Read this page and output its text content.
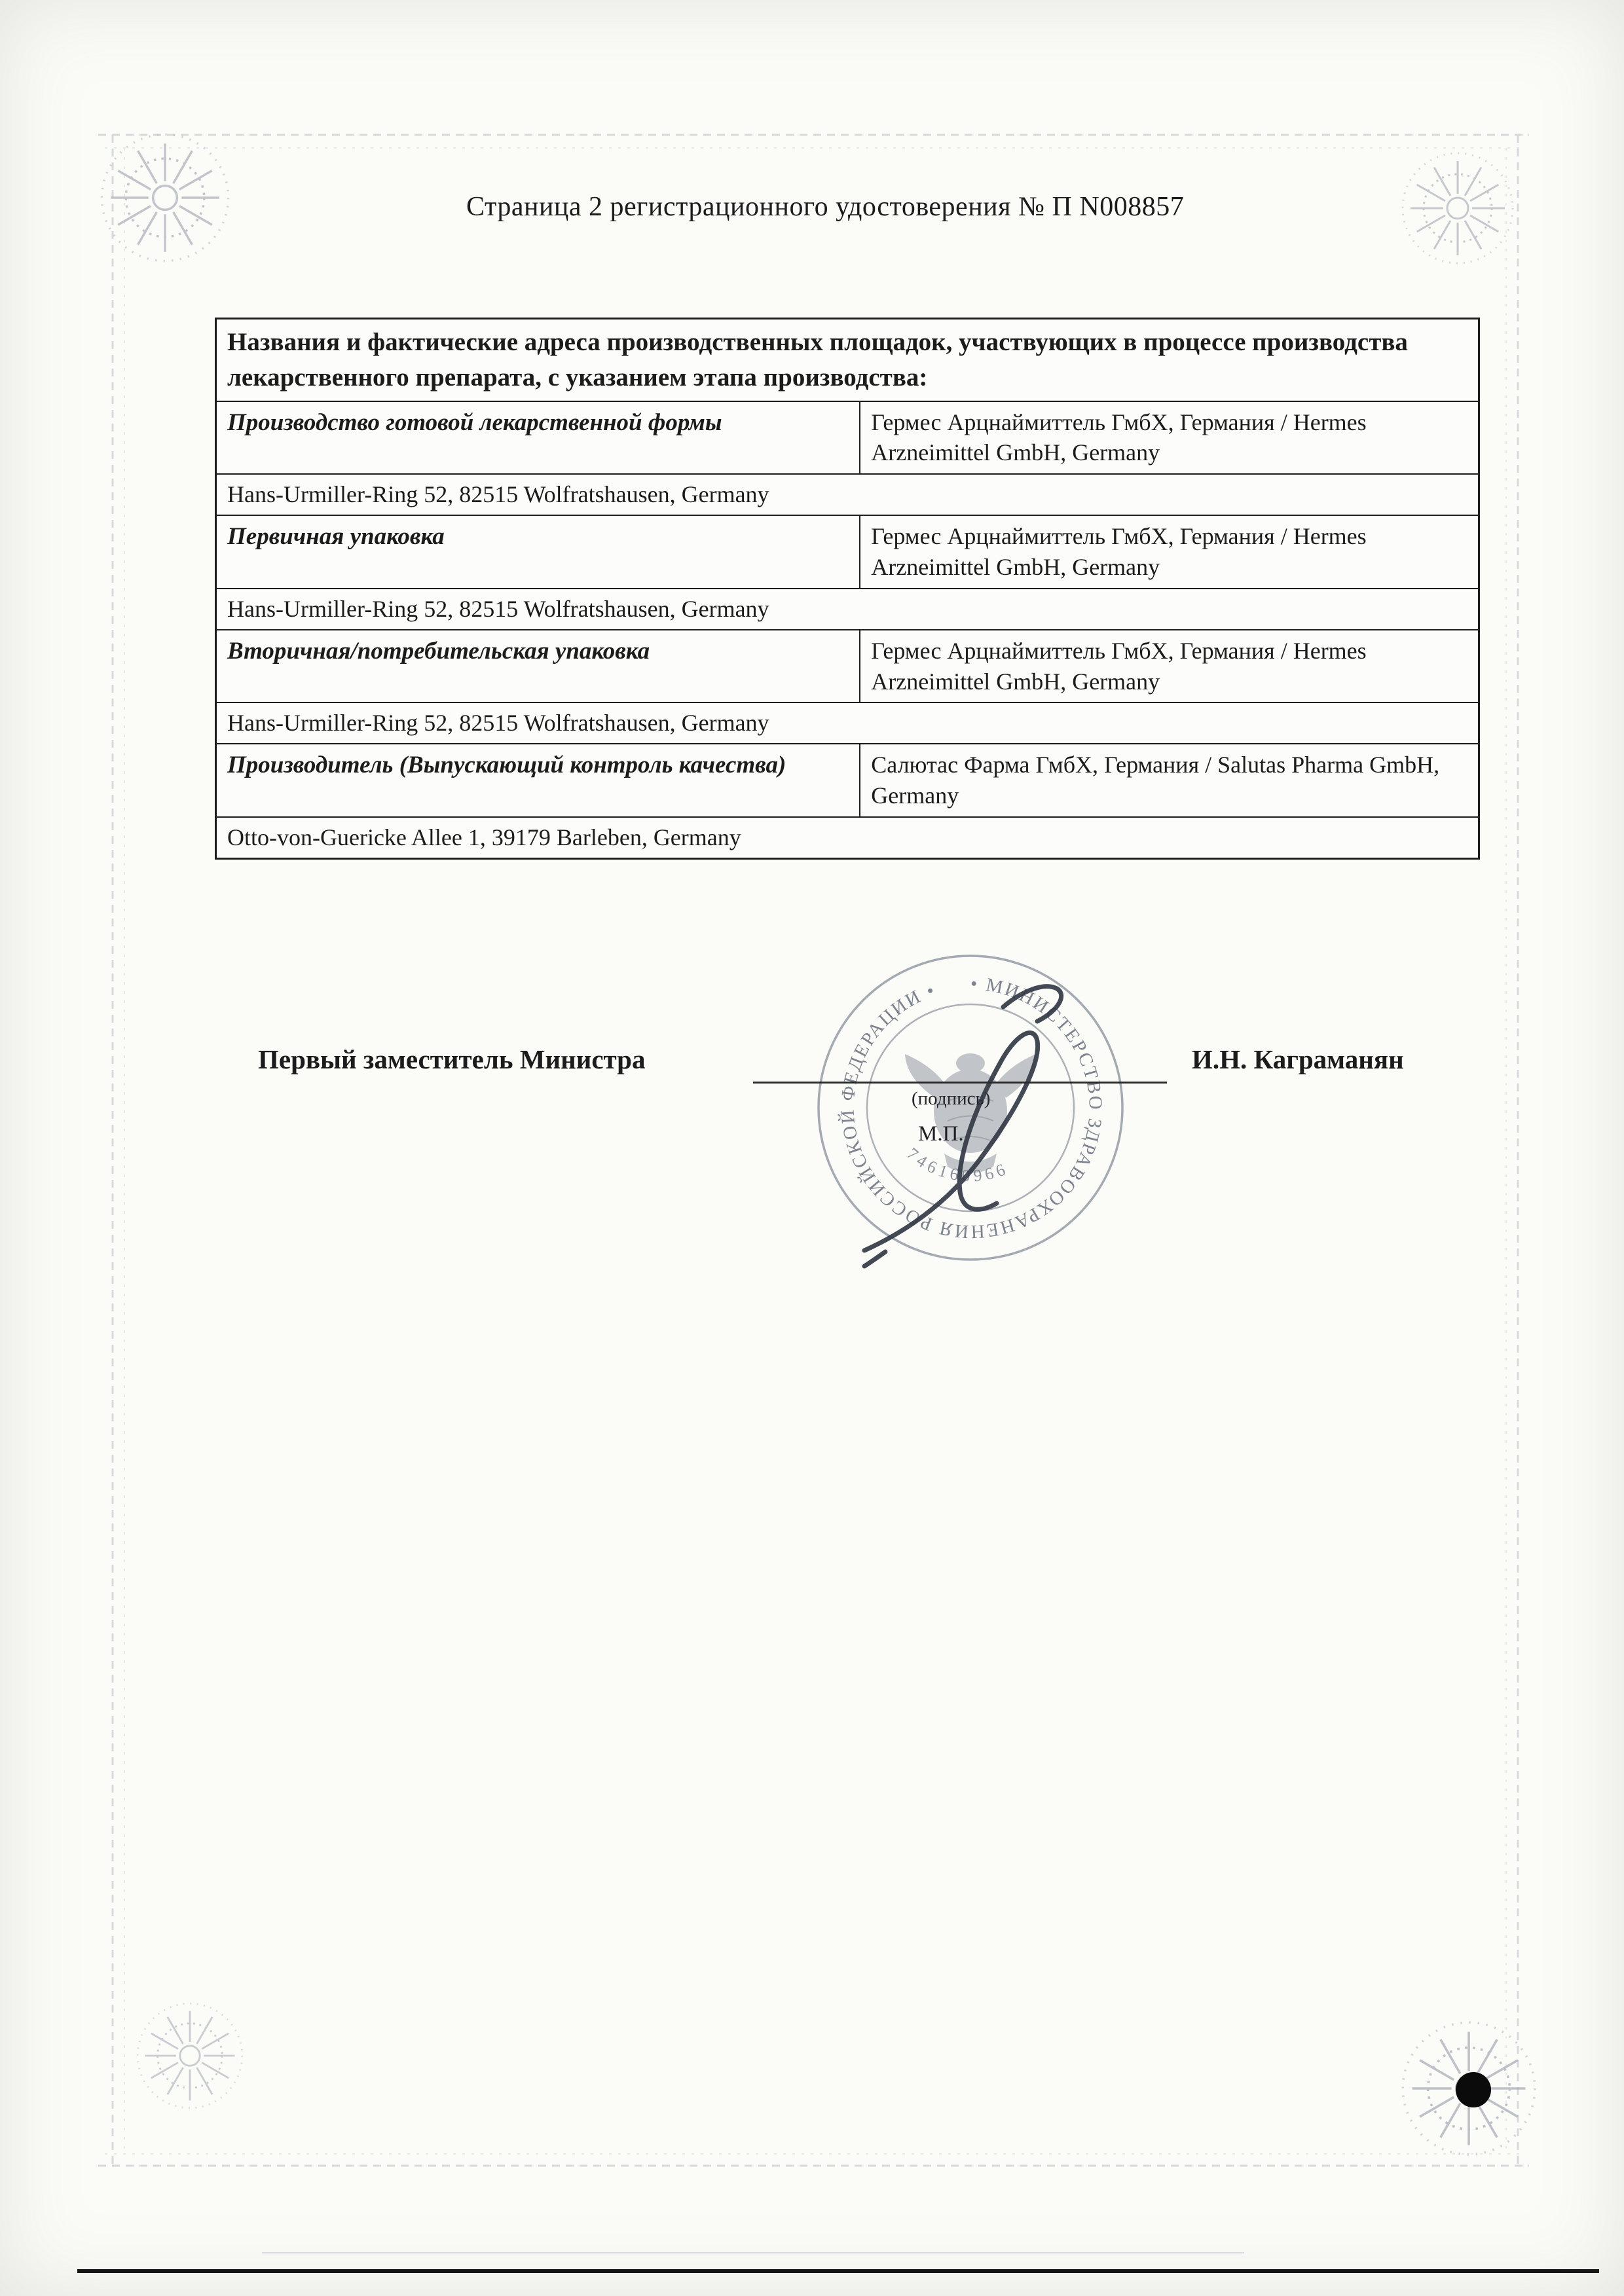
Страница 2 регистрационного удостоверения № П N008857
Названия и фактические адреса производственных площадок, участвующих в процессе производства лекарственного препарата, с указанием этапа производства:	
Производство готовой лекарственной формы	Гермес Арцнаймиттель ГмбХ, Германия / Hermes Arzneimittel GmbH, Germany
Hans-Urmiller-Ring 52, 82515 Wolfratshausen, Germany	
Первичная упаковка	Гермес Арцнаймиттель ГмбХ, Германия / Hermes Arzneimittel GmbH, Germany
Hans-Urmiller-Ring 52, 82515 Wolfratshausen, Germany	
Вторичная/потребительская упаковка	Гермес Арцнаймиттель ГмбХ, Германия / Hermes Arzneimittel GmbH, Germany
Hans-Urmiller-Ring 52, 82515 Wolfratshausen, Germany	
Производитель (Выпускающий контроль качества)	Салютас Фарма ГмбХ, Германия / Salutas Pharma GmbH, Germany
Otto-von-Guericke Allee 1, 39179 Barleben, Germany	
• МИНИСТЕРСТВО ЗДРАВООХРАНЕНИЯ РОССИЙСКОЙ ФЕДЕРАЦИИ •
746160966
Первый заместитель Министра
(подпись)
М.П.
И.Н. Каграманян
